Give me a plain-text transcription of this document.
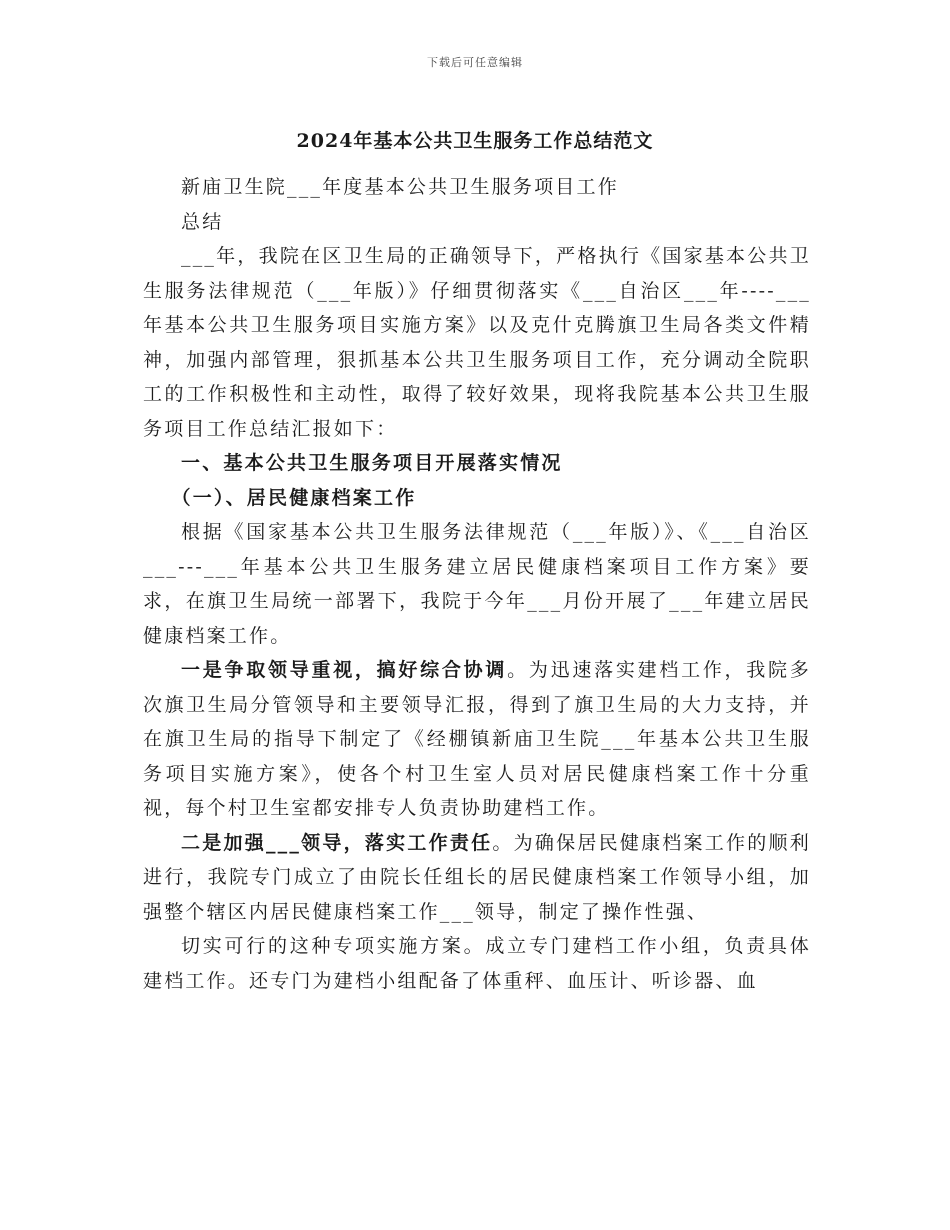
下载后可任意编辑
2024年基本公共卫生服务工作总结范文

新庙卫生院___年度基本公共卫生服务项目工作

总结

___年，我院在区卫生局的正确领导下，严格执行《国家基本公共卫生服务法律规范（___年版）》仔细贯彻落实《___自治区___年----___年基本公共卫生服务项目实施方案》以及克什克腾旗卫生局各类文件精神，加强内部管理，狠抓基本公共卫生服务项目工作，充分调动全院职工的工作积极性和主动性，取得了较好效果，现将我院基本公共卫生服务项目工作总结汇报如下：

一、基本公共卫生服务项目开展落实情况

（一）、居民健康档案工作

根据《国家基本公共卫生服务法律规范（___年版）》、《___自治区___---___年基本公共卫生服务建立居民健康档案项目工作方案》要求，在旗卫生局统一部署下，我院于今年___月份开展了___年建立居民健康档案工作。

一是争取领导重视，搞好综合协调。为迅速落实建档工作，我院多次旗卫生局分管领导和主要领导汇报，得到了旗卫生局的大力支持，并在旗卫生局的指导下制定了《经棚镇新庙卫生院___年基本公共卫生服务项目实施方案》，使各个村卫生室人员对居民健康档案工作十分重视，每个村卫生室都安排专人负责协助建档工作。

二是加强___领导，落实工作责任。为确保居民健康档案工作的顺利进行，我院专门成立了由院长任组长的居民健康档案工作领导小组，加强整个辖区内居民健康档案工作___领导，制定了操作性强、

切实可行的这种专项实施方案。成立专门建档工作小组，负责具体建档工作。还专门为建档小组配备了体重秤、血压计、听诊器、血
